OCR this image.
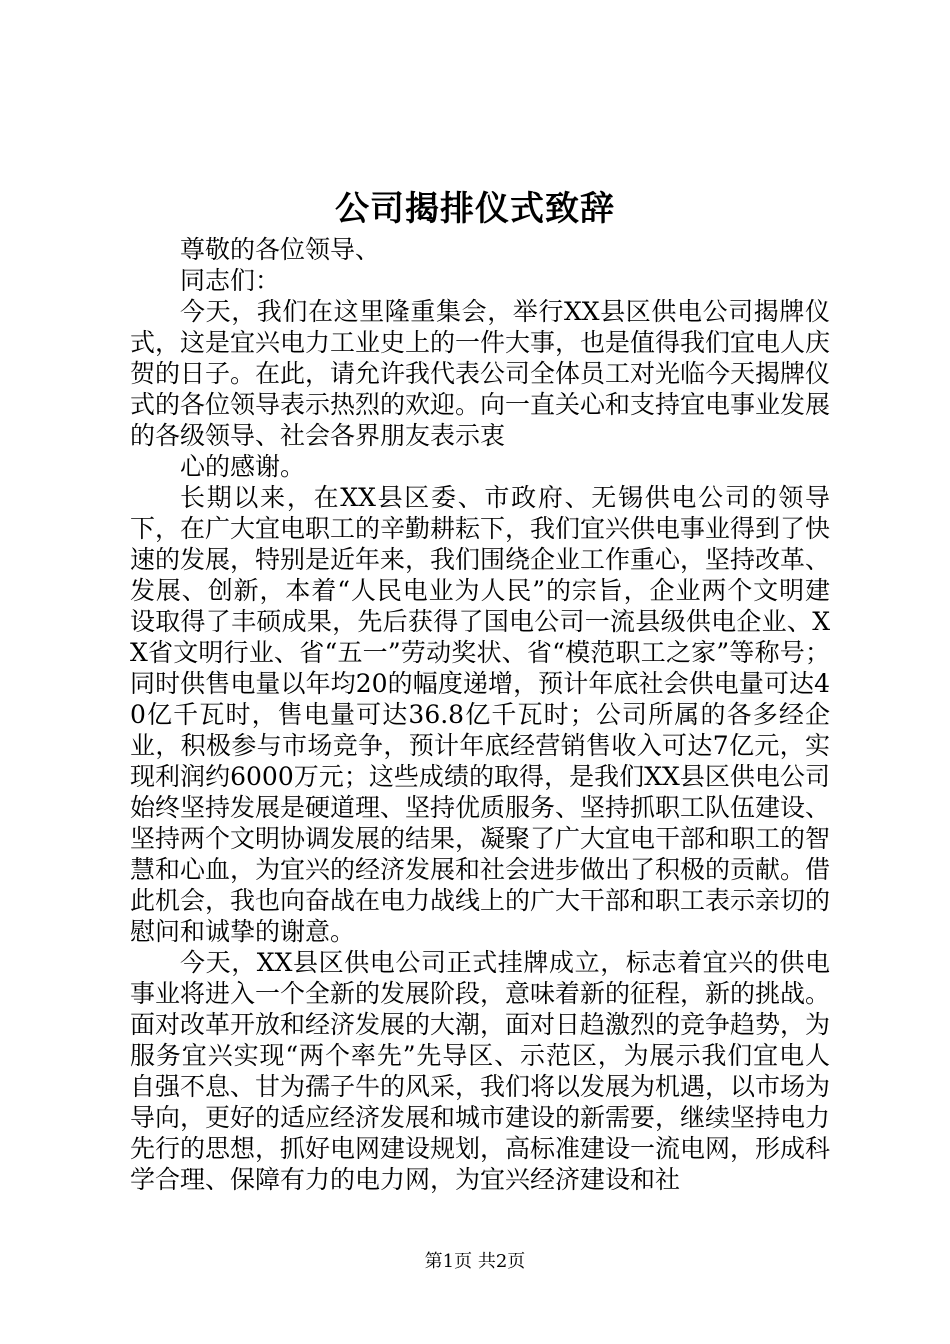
公司揭排仪式致辞

尊敬的各位领导、

同志们：

今天，我们在这里隆重集会，举行XX县区供电公司揭牌仪式，这是宜兴电力工业史上的一件大事，也是值得我们宜电人庆贺的日子。在此，请允许我代表公司全体员工对光临今天揭牌仪式的各位领导表示热烈的欢迎。向一直关心和支持宜电事业发展的各级领导、社会各界朋友表示衷

心的感谢。

长期以来，在XX县区委、市政府、无锡供电公司的领导下，在广大宜电职工的辛勤耕耘下，我们宜兴供电事业得到了快速的发展，特别是近年来，我们围绕企业工作重心，坚持改革、发展、创新，本着“人民电业为人民”的宗旨，企业两个文明建设取得了丰硕成果，先后获得了国电公司一流县级供电企业、XX省文明行业、省“五一”劳动奖状、省“模范职工之家”等称号；同时供售电量以年均20的幅度递增，预计年底社会供电量可达40亿千瓦时，售电量可达36.8亿千瓦时；公司所属的各多经企业，积极参与市场竞争，预计年底经营销售收入可达7亿元，实现利润约6000万元；这些成绩的取得，是我们XX县区供电公司始终坚持发展是硬道理、坚持优质服务、坚持抓职工队伍建设、坚持两个文明协调发展的结果，凝聚了广大宜电干部和职工的智慧和心血，为宜兴的经济发展和社会进步做出了积极的贡献。借此机会，我也向奋战在电力战线上的广大干部和职工表示亲切的慰问和诚挚的谢意。

今天，XX县区供电公司正式挂牌成立，标志着宜兴的供电事业将进入一个全新的发展阶段，意味着新的征程，新的挑战。面对改革开放和经济发展的大潮，面对日趋激烈的竞争趋势，为服务宜兴实现“两个率先”先导区、示范区，为展示我们宜电人自强不息、甘为孺子牛的风采，我们将以发展为机遇，以市场为导向，更好的适应经济发展和城市建设的新需要，继续坚持电力先行的思想，抓好电网建设规划，高标准建设一流电网，形成科学合理、保障有力的电力网，为宜兴经济建设和社

第1页 共2页
